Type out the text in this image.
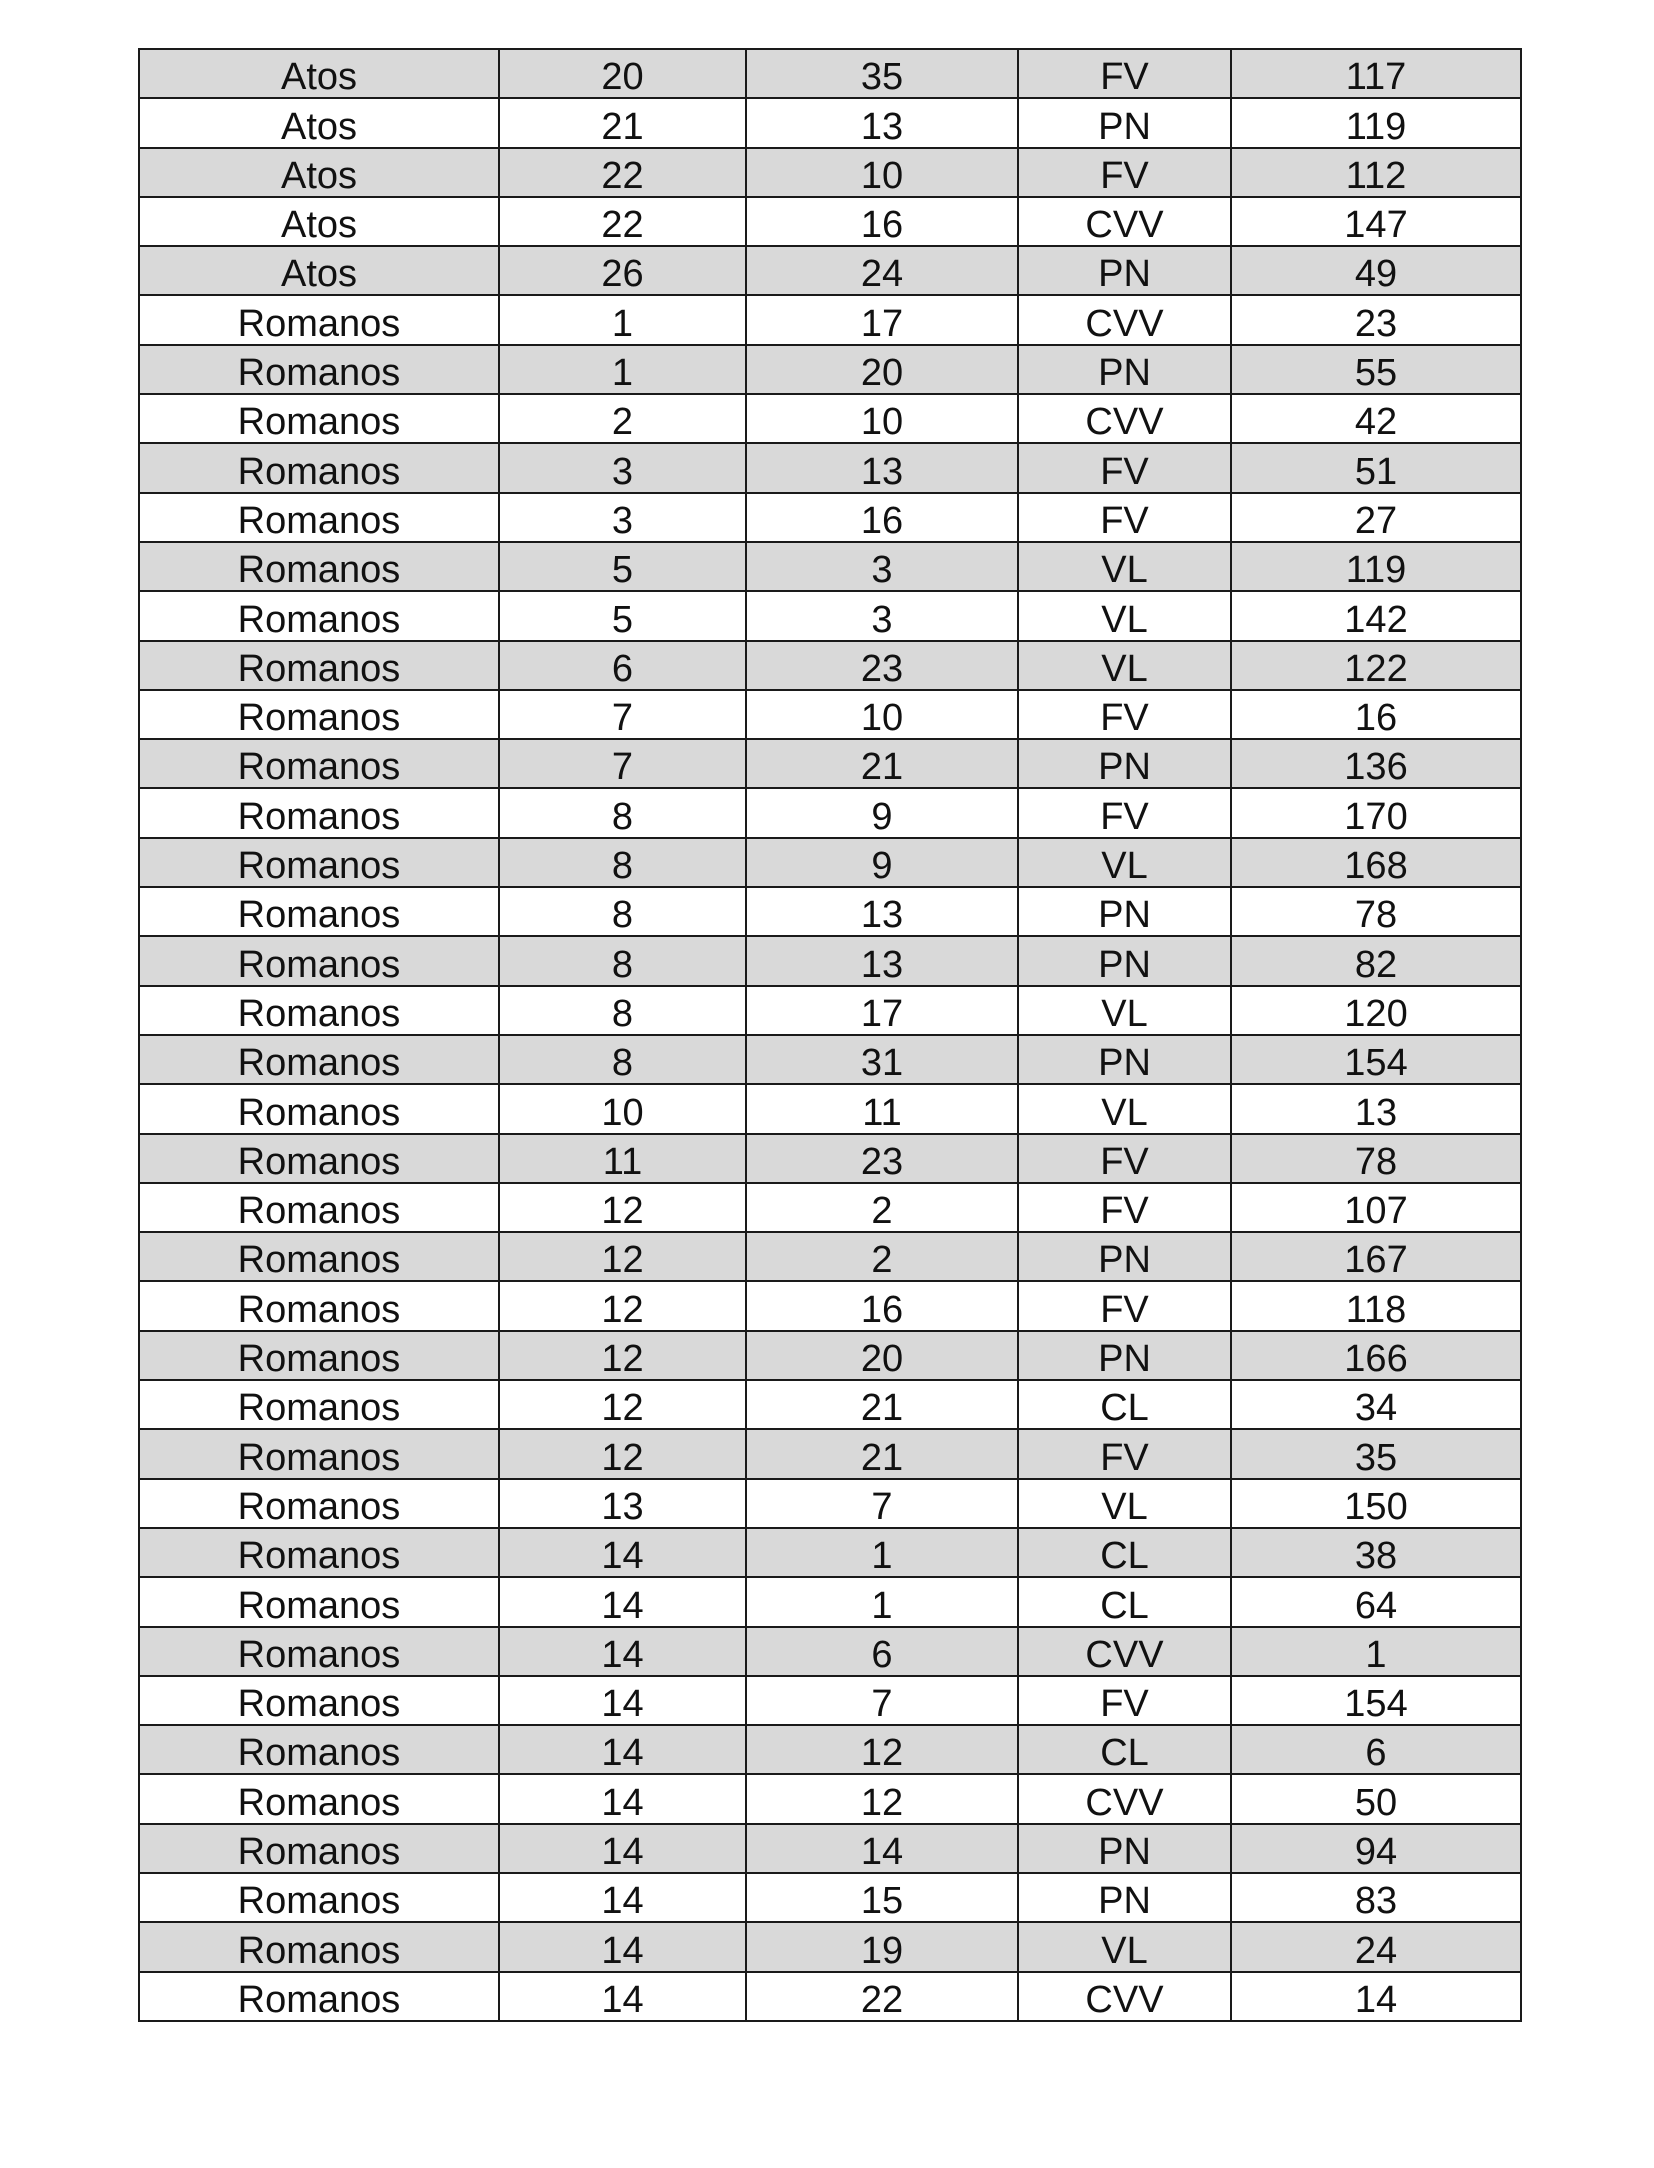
Atos	20	35	FV	117
Atos	21	13	PN	119
Atos	22	10	FV	112
Atos	22	16	CVV	147
Atos	26	24	PN	49
Romanos	1	17	CVV	23
Romanos	1	20	PN	55
Romanos	2	10	CVV	42
Romanos	3	13	FV	51
Romanos	3	16	FV	27
Romanos	5	3	VL	119
Romanos	5	3	VL	142
Romanos	6	23	VL	122
Romanos	7	10	FV	16
Romanos	7	21	PN	136
Romanos	8	9	FV	170
Romanos	8	9	VL	168
Romanos	8	13	PN	78
Romanos	8	13	PN	82
Romanos	8	17	VL	120
Romanos	8	31	PN	154
Romanos	10	11	VL	13
Romanos	11	23	FV	78
Romanos	12	2	FV	107
Romanos	12	2	PN	167
Romanos	12	16	FV	118
Romanos	12	20	PN	166
Romanos	12	21	CL	34
Romanos	12	21	FV	35
Romanos	13	7	VL	150
Romanos	14	1	CL	38
Romanos	14	1	CL	64
Romanos	14	6	CVV	1
Romanos	14	7	FV	154
Romanos	14	12	CL	6
Romanos	14	12	CVV	50
Romanos	14	14	PN	94
Romanos	14	15	PN	83
Romanos	14	19	VL	24
Romanos	14	22	CVV	14
